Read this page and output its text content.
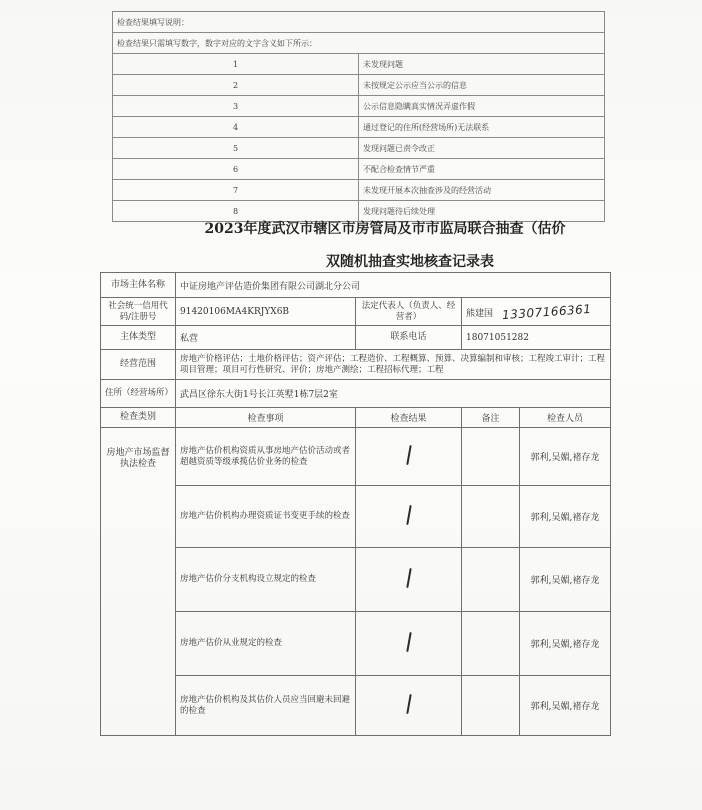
检查结果填写说明：	
检查结果只需填写数字，数字对应的文字含义如下所示：	
1	未发现问题
2	未按规定公示应当公示的信息
3	公示信息隐瞒真实情况弄虚作假
4	通过登记的住所(经营场所)无法联系
5	发现问题已责令改正
6	不配合检查情节严重
7	未发现开展本次抽查涉及的经营活动
8	发现问题待后续处理
2023年度武汉市辖区市房管局及市市监局联合抽查（估价
双随机抽查实地核查记录表
市场主体名称	中证房地产评估造价集团有限公司湖北分公司			
社会统一信用代码/注册号	91420106MA4KRJYX6B	法定代表人（负责人、经营者）	熊建国 13307166361	
主体类型	私营	联系电话	18071051282	
经营范围	房地产价格评估；土地价格评估；资产评估；工程造价、工程概算、预算、决算编制和审核；工程竣工审计；工程项目管理；项目可行性研究、评价；房地产测绘；工程招标代理；工程			
住所（经营场所）	武昌区徐东大街1号长江英墅1栋7层2室			
检查类别	检查事项	检查结果	备注	检查人员
房地产市场监督执法检查	房地产估价机构资质从事房地产估价活动或者超越资质等级承揽估价业务的检查			郭利,吴媚,褚存龙
	房地产估价机构办理资质证书变更手续的检查			郭利,吴媚,褚存龙
	房地产估价分支机构设立规定的检查			郭利,吴媚,褚存龙
	房地产估价从业规定的检查			郭利,吴媚,褚存龙
	房地产估价机构及其估价人员应当回避未回避的检查			郭利,吴媚,褚存龙
